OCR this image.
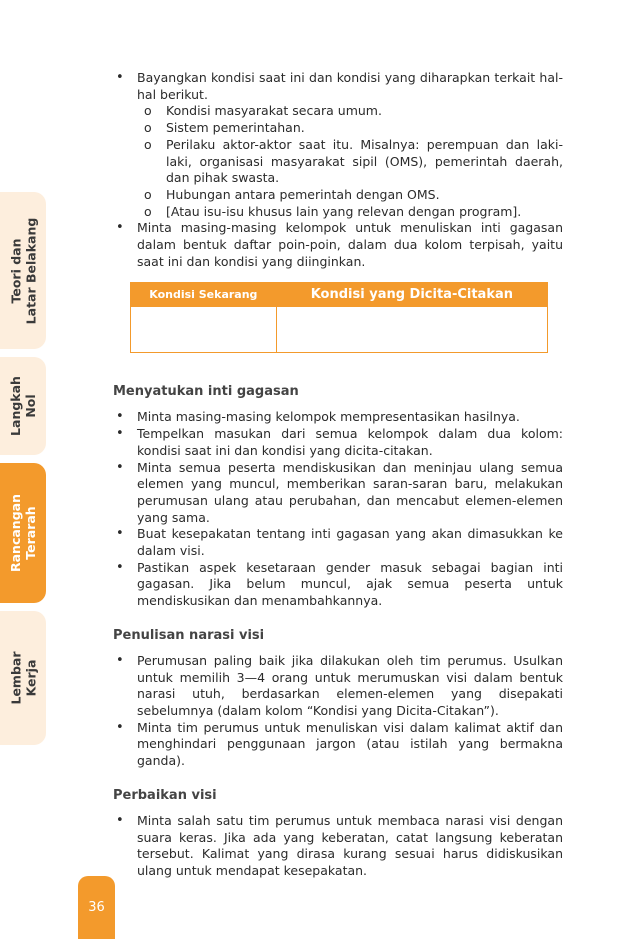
Teori dan Latar Belakang
Langkah Nol
Rancangan Terarah
Lembar Kerja
• Bayangkan kondisi saat ini dan kondisi yang diharapkan terkait hal-hal berikut.
o Kondisi masyarakat secara umum.
o Sistem pemerintahan.
o Perilaku aktor-aktor saat itu. Misalnya: perempuan dan laki-laki, organisasi masyarakat sipil (OMS), pemerintah daerah, dan pihak swasta.
o Hubungan antara pemerintah dengan OMS.
o [Atau isu-isu khusus lain yang relevan dengan program].
• Minta masing-masing kelompok untuk menuliskan inti gagasan dalam bentuk daftar poin-poin, dalam dua kolom terpisah, yaitu saat ini dan kondisi yang diinginkan.
Kondisi Sekarang	Kondisi yang Dicita-Citakan

Menyatukan inti gagasan
• Minta masing-masing kelompok mempresentasikan hasilnya.
• Tempelkan masukan dari semua kelompok dalam dua kolom: kondisi saat ini dan kondisi yang dicita-citakan.
• Minta semua peserta mendiskusikan dan meninjau ulang semua elemen yang muncul, memberikan saran-saran baru, melakukan perumusan ulang atau perubahan, dan mencabut elemen-elemen yang sama.
• Buat kesepakatan tentang inti gagasan yang akan dimasukkan ke dalam visi.
• Pastikan aspek kesetaraan gender masuk sebagai bagian inti gagasan. Jika belum muncul, ajak semua peserta untuk mendiskusikan dan menambahkannya.
Penulisan narasi visi
• Perumusan paling baik jika dilakukan oleh tim perumus. Usulkan untuk memilih 3—4 orang untuk merumuskan visi dalam bentuk narasi utuh, berdasarkan elemen-elemen yang disepakati sebelumnya (dalam kolom “Kondisi yang Dicita-Citakan”).
• Minta tim perumus untuk menuliskan visi dalam kalimat aktif dan menghindari penggunaan jargon (atau istilah yang bermakna ganda).
Perbaikan visi
• Minta salah satu tim perumus untuk membaca narasi visi dengan suara keras. Jika ada yang keberatan, catat langsung keberatan tersebut. Kalimat yang dirasa kurang sesuai harus didiskusikan ulang untuk mendapat kesepakatan.
36
